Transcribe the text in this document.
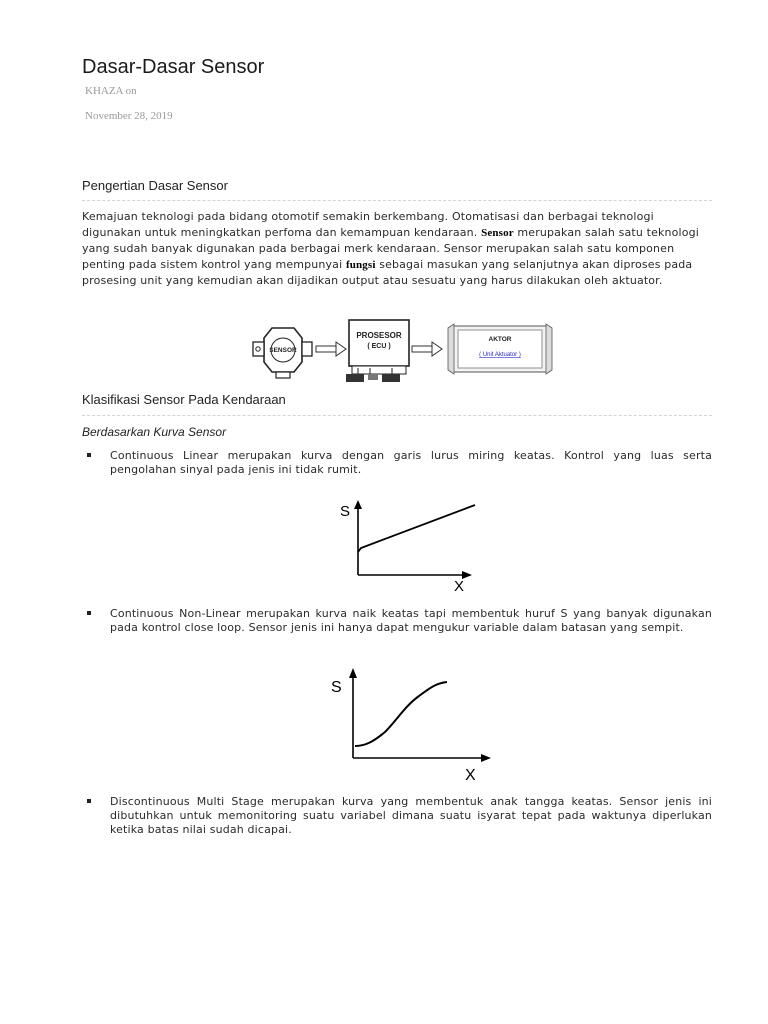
Dasar-Dasar Sensor
KHAZA on
November 28, 2019
Pengertian Dasar Sensor

Kemajuan teknologi pada bidang otomotif semakin berkembang. Otomatisasi dan berbagai teknologi digunakan untuk meningkatkan perfoma dan kemampuan kendaraan. Sensor merupakan salah satu teknologi yang sudah banyak digunakan pada berbagai merk kendaraan. Sensor merupakan salah satu komponen penting pada sistem kontrol yang mempunyai fungsi sebagai masukan yang selanjutnya akan diproses pada prosesing unit yang kemudian akan dijadikan output atau sesuatu yang harus dilakukan oleh aktuator.

SENSOR
PROSESOR
( ECU )
AKTOR
( Unit Aktuator )
Klasifikasi Sensor Pada Kendaraan
Berdasarkan Kurva Sensor

Continuous Linear merupakan kurva dengan garis lurus miring keatas. Kontrol yang luas serta pengolahan sinyal pada jenis ini tidak rumit.

S
X

Continuous Non-Linear merupakan kurva naik keatas tapi membentuk huruf S yang banyak digunakan pada kontrol close loop. Sensor jenis ini hanya dapat mengukur variable dalam batasan yang sempit.

S
X

Discontinuous Multi Stage merupakan kurva yang membentuk anak tangga keatas. Sensor jenis ini dibutuhkan untuk memonitoring suatu variabel dimana suatu isyarat tepat pada waktunya diperlukan ketika batas nilai sudah dicapai.
